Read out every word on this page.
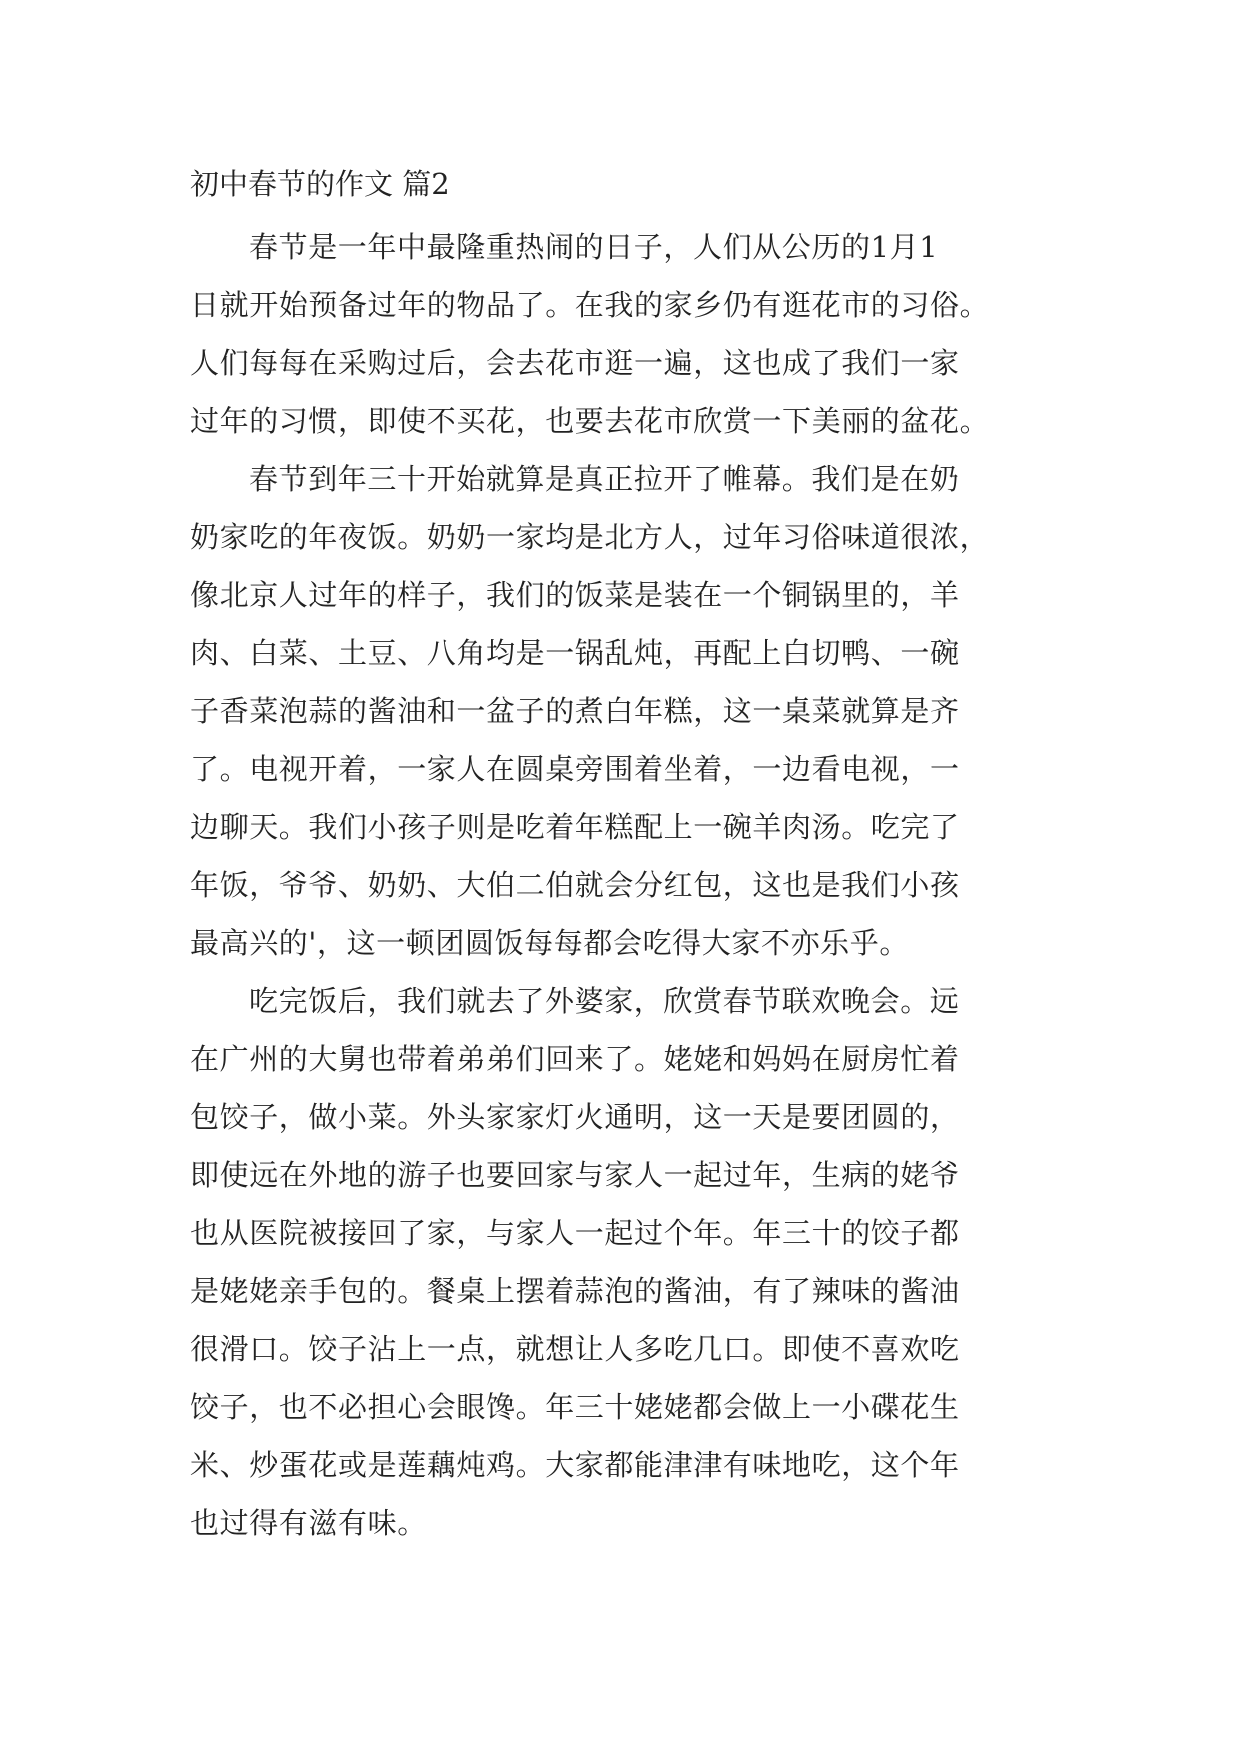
初中春节的作文 篇2
春节是一年中最隆重热闹的日子，人们从公历的1月1
日就开始预备过年的物品了。在我的家乡仍有逛花市的习俗。
人们每每在采购过后，会去花市逛一遍，这也成了我们一家
过年的习惯，即使不买花，也要去花市欣赏一下美丽的盆花。
春节到年三十开始就算是真正拉开了帷幕。我们是在奶
奶家吃的年夜饭。奶奶一家均是北方人，过年习俗味道很浓，
像北京人过年的样子，我们的饭菜是装在一个铜锅里的，羊
肉、白菜、土豆、八角均是一锅乱炖，再配上白切鸭、一碗
子香菜泡蒜的酱油和一盆子的煮白年糕，这一桌菜就算是齐
了。电视开着，一家人在圆桌旁围着坐着，一边看电视，一
边聊天。我们小孩子则是吃着年糕配上一碗羊肉汤。吃完了
年饭，爷爷、奶奶、大伯二伯就会分红包，这也是我们小孩
最高兴的'，这一顿团圆饭每每都会吃得大家不亦乐乎。
吃完饭后，我们就去了外婆家，欣赏春节联欢晚会。远
在广州的大舅也带着弟弟们回来了。姥姥和妈妈在厨房忙着
包饺子，做小菜。外头家家灯火通明，这一天是要团圆的，
即使远在外地的游子也要回家与家人一起过年，生病的姥爷
也从医院被接回了家，与家人一起过个年。年三十的饺子都
是姥姥亲手包的。餐桌上摆着蒜泡的酱油，有了辣味的酱油
很滑口。饺子沾上一点，就想让人多吃几口。即使不喜欢吃
饺子，也不必担心会眼馋。年三十姥姥都会做上一小碟花生
米、炒蛋花或是莲藕炖鸡。大家都能津津有味地吃，这个年
也过得有滋有味。
